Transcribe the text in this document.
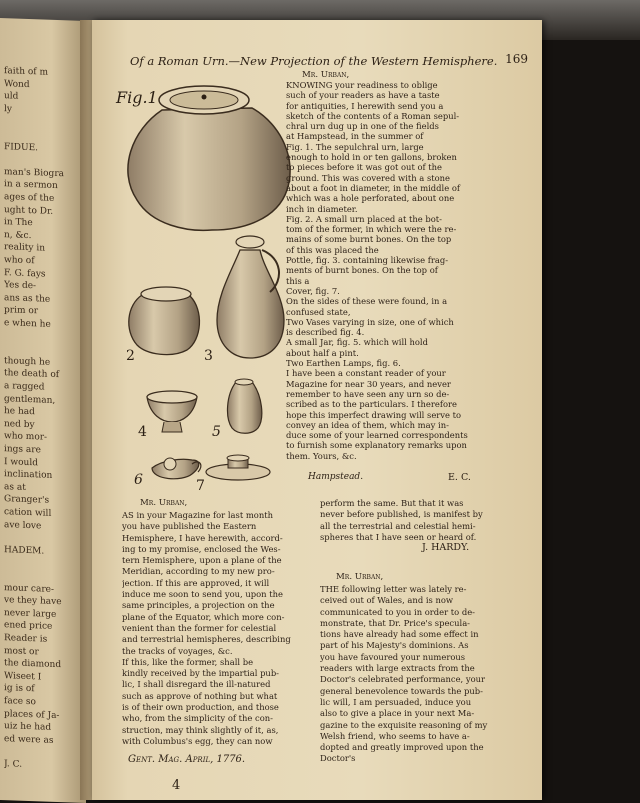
faith of m
Wond
uld
ly
FIDUE.
man's Biogra
in a sermon
ages of the
ught to Dr.
in The
n, &c.
reality in
who of
F. G. fays
Yes de-
ans as the
prim or
e when he
though he
the death of
a ragged
gentleman,
he had
ned by
who mor-
ings are
I would
inclination
as at
Granger's
cation will
ave love
HADEM.
mour care-
ve they have
never large
ened price
Reader is
most or
the diamond
Wiseet I
ig is of
face so
places of Ja-
uiz he had
ed were as
J. C.
Of a Roman Urn.—New Projection of the Western Hemisphere. 169
Fig.1
2	3
4	5
6	7
Mr. Urban,
KNOWING your readiness to oblige
such of your readers as have a taste
for antiquities, I herewith send you a
sketch of the contents of a Roman sepul-
chral urn dug up in one of the fields
at Hampstead, in the summer of
Fig. 1. The sepulchral urn, large
enough to hold in or ten gallons, broken
to pieces before it was got out of the
ground. This was covered with a stone
about a foot in diameter, in the middle of
which was a hole perforated, about one
inch in diameter.
Fig. 2. A small urn placed at the bot-
tom of the former, in which were the re-
mains of some burnt bones. On the top
of this was placed the
Pottle, fig. 3. containing likewise frag-
ments of burnt bones. On the top of
this a
Cover, fig. 7.
On the sides of these were found, in a
confused state,
Two Vases varying in size, one of which
is described fig. 4.
A small Jar, fig. 5. which will hold
about half a pint.
Two Earthen Lamps, fig. 6.
I have been a constant reader of your
Magazine for near 30 years, and never
remember to have seen any urn so de-
scribed as to the particulars. I therefore
hope this imperfect drawing will serve to
convey an idea of them, which may in-
duce some of your learned correspondents
to furnish some explanatory remarks upon
them. Yours, &c.
Hampstead.	E. C.
Mr. Urban,
AS in your Magazine for last month
you have published the Eastern
Hemisphere, I have herewith, accord-
ing to my promise, enclosed the Wes-
tern Hemisphere, upon a plane of the
Meridian, according to my new pro-
jection. If this are approved, it will
induce me soon to send you, upon the
same principles, a projection on the
plane of the Equator, which more con-
venient than the former for celestial
and terrestrial hemispheres, describing
the tracks of voyages, &c.
If this, like the former, shall be
kindly received by the impartial pub-
lic, I shall disregard the ill-natured
such as approve of nothing but what
is of their own production, and those
who, from the simplicity of the con-
struction, may think slightly of it, as,
with Columbus's egg, they can now
perform the same. But that it was
never before published, is manifest by
all the terrestrial and celestial hemi-
spheres that I have seen or heard of.
J. HARDY.
Mr. Urban,
THE following letter was lately re-
ceived out of Wales, and is now
communicated to you in order to de-
monstrate, that Dr. Price's specula-
tions have already had some effect in
part of his Majesty's dominions. As
you have favoured your numerous
readers with large extracts from the
Doctor's celebrated performance, your
general benevolence towards the pub-
lic will, I am persuaded, induce you
also to give a place in your next Ma-
gazine to the exquisite reasoning of my
Welsh friend, who seems to have a-
dopted and greatly improved upon the
Doctor's
Gent. Mag. April, 1776.
4
